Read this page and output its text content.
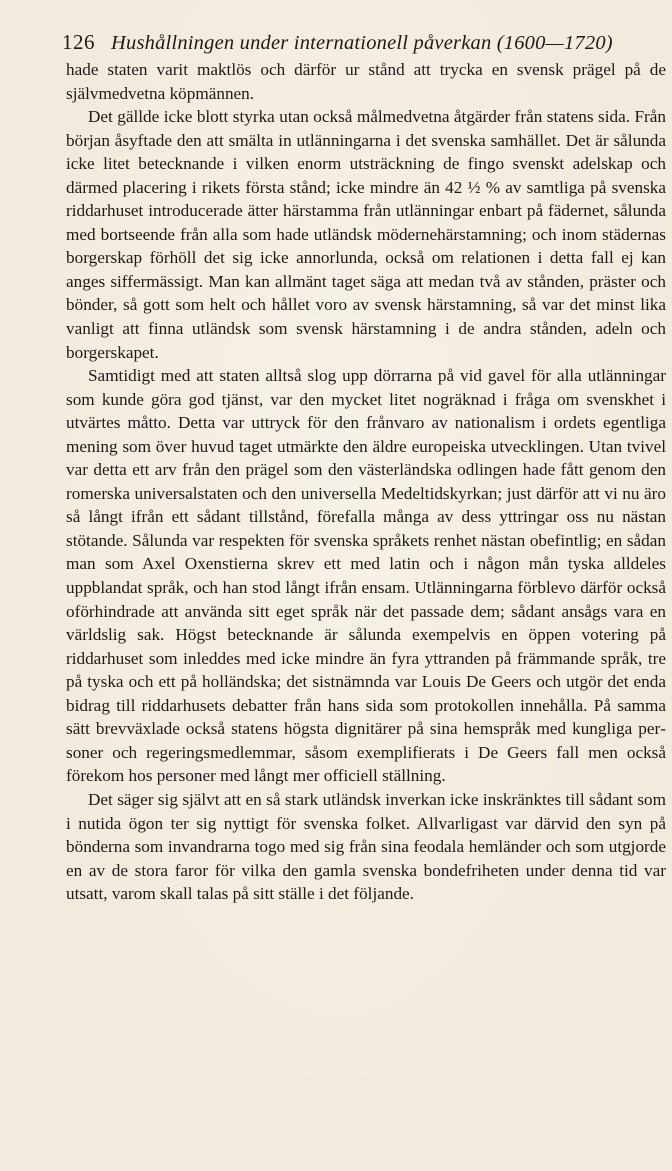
126 Hushållningen under internationell påverkan (1600—1720)

hade staten varit maktlös och därför ur stånd att trycka en svensk prägel på de självmedvetna köpmännen.

Det gällde icke blott styrka utan också målmedvetna åtgärder från statens sida. Från början åsyftade den att smälta in utlänningarna i det svenska samhället. Det är sålunda icke litet betecknande i vilken enorm utsträckning de fingo svenskt adelskap och därmed placering i rikets första stånd; icke mindre än 42 ½ % av samtliga på svenska riddarhuset introducerade ätter härstamma från utlänningar enbart på fädernet, sålunda med bortseende från alla som hade utländsk mödernehärstamning; och inom städernas borgerskap förhöll det sig icke annorlunda, också om relationen i detta fall ej kan anges siffermässigt. Man kan allmänt taget säga att medan två av stånden, präster och bönder, så gott som helt och hållet voro av svensk härstamning, så var det minst lika vanligt att finna utländsk som svensk härstamning i de andra stånden, adeln och borgerskapet.

Samtidigt med att staten alltså slog upp dörrarna på vid gavel för alla utlänningar som kunde göra god tjänst, var den mycket litet nogräknad i fråga om svenskhet i utvärtes måtto. Detta var uttryck för den frånvaro av nationalism i ordets egentliga mening som över huvud taget utmärkte den äldre europeiska utvecklingen. Utan tvivel var detta ett arv från den prägel som den västerländska odlingen hade fått genom den romerska universalstaten och den universella Medeltidskyrkan; just därför att vi nu äro så långt ifrån ett sådant tillstånd, förefalla många av dess yttringar oss nu nästan stötande. Sålunda var respekten för svenska språkets renhet nästan obefintlig; en sådan man som Axel Oxenstierna skrev ett med latin och i någon mån tyska alldeles uppblandat språk, och han stod långt ifrån ensam. Utlänningarna förblevo därför också oförhindrade att använda sitt eget språk när det passade dem; sådant ansågs vara en världslig sak. Högst betecknande är sålunda exempelvis en öppen votering på riddarhuset som inleddes med icke mindre än fyra yttranden på främmande språk, tre på tyska och ett på holländska; det sistnämnda var Louis De Geers och utgör det enda bidrag till riddarhusets debatter från hans sida som protokollen innehålla. På samma sätt brevväxlade också statens högsta dignitärer på sina hemspråk med kungliga personer och regeringsmedlemmar, såsom exemplifierats i De Geers fall men också förekom hos personer med långt mer officiell ställning.

Det säger sig självt att en så stark utländsk inverkan icke inskränktes till sådant som i nutida ögon ter sig nyttigt för svenska folket. Allvarligast var därvid den syn på bönderna som invandrarna togo med sig från sina feodala hemländer och som utgjorde en av de stora faror för vilka den gamla svenska bondefriheten under denna tid var utsatt, varom skall talas på sitt ställe i det följande.
